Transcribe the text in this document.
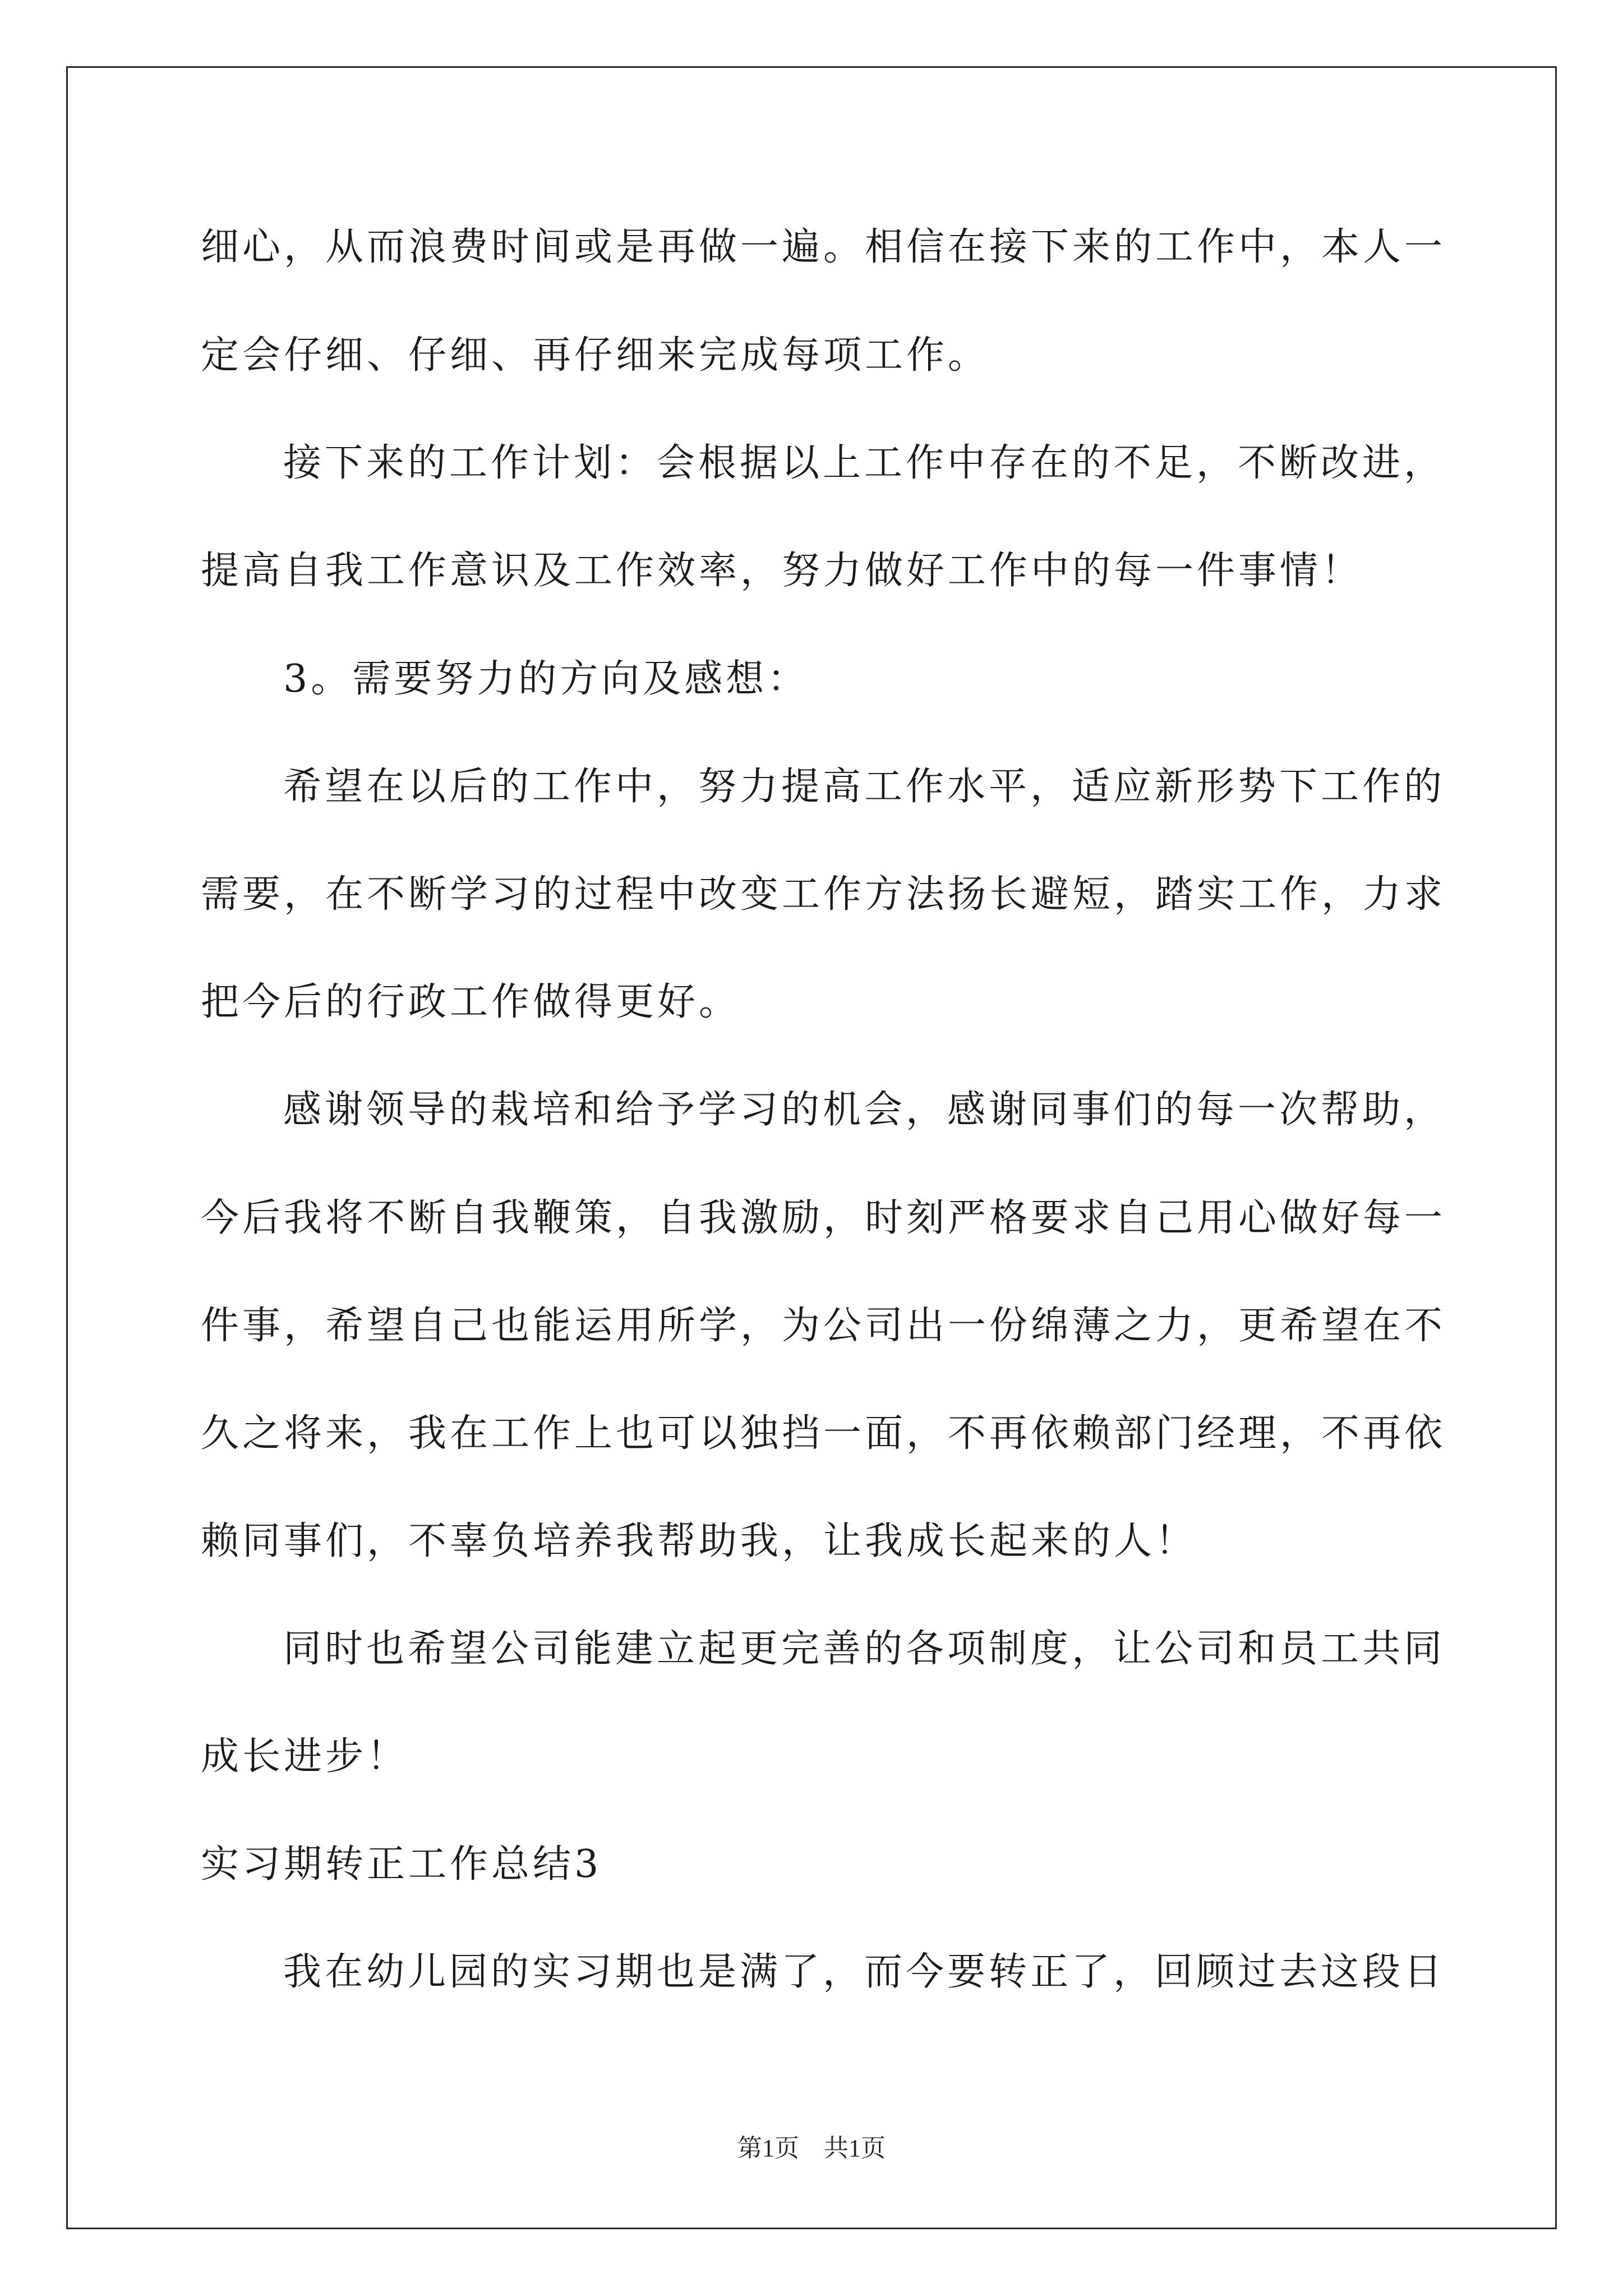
细心，从而浪费时间或是再做一遍。相信在接下来的工作中，本人一
定会仔细、仔细、再仔细来完成每项工作。
接下来的工作计划：会根据以上工作中存在的不足，不断改进，
提高自我工作意识及工作效率，努力做好工作中的每一件事情！
3。需要努力的方向及感想：
希望在以后的工作中，努力提高工作水平，适应新形势下工作的
需要，在不断学习的过程中改变工作方法扬长避短，踏实工作，力求
把今后的行政工作做得更好。
感谢领导的栽培和给予学习的机会，感谢同事们的每一次帮助，
今后我将不断自我鞭策，自我激励，时刻严格要求自己用心做好每一
件事，希望自己也能运用所学，为公司出一份绵薄之力，更希望在不
久之将来，我在工作上也可以独挡一面，不再依赖部门经理，不再依
赖同事们，不辜负培养我帮助我，让我成长起来的人！
同时也希望公司能建立起更完善的各项制度，让公司和员工共同
成长进步！
实习期转正工作总结3
我在幼儿园的实习期也是满了，而今要转正了，回顾过去这段日
第1页　共1页
